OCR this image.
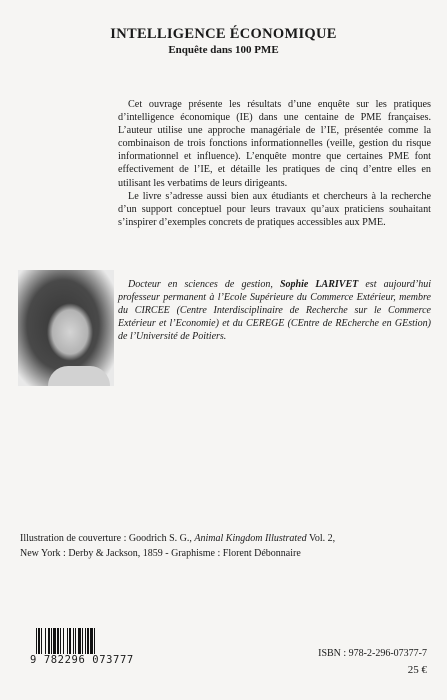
INTELLIGENCE ÉCONOMIQUE
Enquête dans 100 PME

Cet ouvrage présente les résultats d’une enquête sur les pratiques d’intelligence économique (IE) dans une centaine de PME françaises. L’auteur utilise une approche managériale de l’IE, présentée comme la combinaison de trois fonctions informationnelles (veille, gestion du risque informationnel et influence). L’enquête montre que certaines PME font effectivement de l’IE, et détaille les pratiques de cinq d’entre elles en utilisant les verbatims de leurs dirigeants.

Le livre s’adresse aussi bien aux étudiants et chercheurs à la recherche d’un support conceptuel pour leurs travaux qu’aux praticiens souhaitant s’inspirer d’exemples concrets de pratiques accessibles aux PME.

Docteur en sciences de gestion, Sophie LARIVET est aujourd’hui professeur permanent à l’Ecole Supérieure du Commerce Extérieur, membre du CIRCEE (Centre Interdisciplinaire de Recherche sur le Commerce Extérieur et l’Economie) et du CEREGE (CEntre de REcherche en GEstion) de l’Université de Poitiers.

Illustration de couverture : Goodrich S. G., Animal Kingdom Illustrated Vol. 2,
New York : Derby & Jackson, 1859 - Graphisme : Florent Débonnaire

9 782296 073777
ISBN : 978-2-296-07377-7
25 €
